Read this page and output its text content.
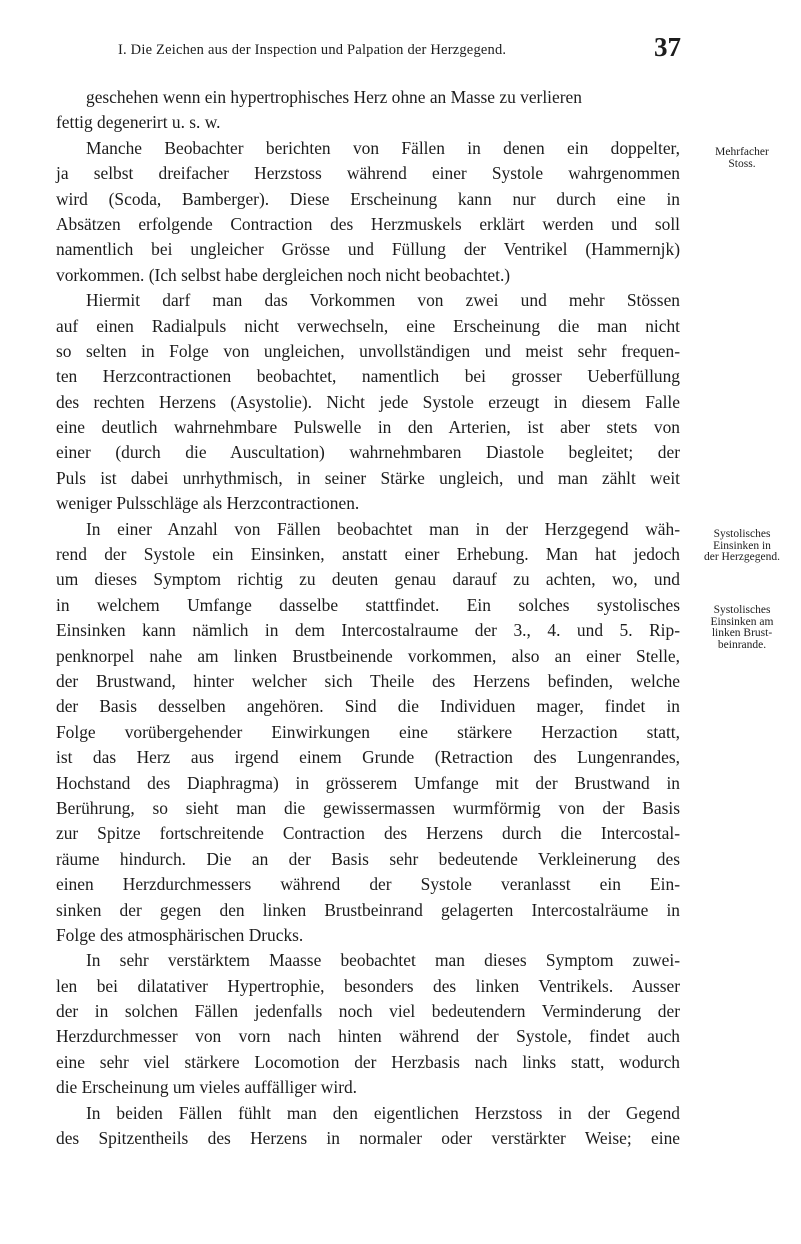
I. Die Zeichen aus der Inspection und Palpation der Herzgegend.	37
geschehen wenn ein hypertrophisches Herz ohne an Masse zu verlieren
fettig degenerirt u. s. w.
Manche Beobachter berichten von Fällen in denen ein doppelter,
ja selbst dreifacher Herzstoss während einer Systole wahrgenommen
wird (Scoda, Bamberger). Diese Erscheinung kann nur durch eine in
Absätzen erfolgende Contraction des Herzmuskels erklärt werden und soll
namentlich bei ungleicher Grösse und Füllung der Ventrikel (Hammernjk)
vorkommen. (Ich selbst habe dergleichen noch nicht beobachtet.)
Hiermit darf man das Vorkommen von zwei und mehr Stössen
auf einen Radialpuls nicht verwechseln, eine Erscheinung die man nicht
so selten in Folge von ungleichen, unvollständigen und meist sehr frequen-
ten Herzcontractionen beobachtet, namentlich bei grosser Ueberfüllung
des rechten Herzens (Asystolie). Nicht jede Systole erzeugt in diesem Falle
eine deutlich wahrnehmbare Pulswelle in den Arterien, ist aber stets von
einer (durch die Auscultation) wahrnehmbaren Diastole begleitet; der
Puls ist dabei unrhythmisch, in seiner Stärke ungleich, und man zählt weit
weniger Pulsschläge als Herzcontractionen.
In einer Anzahl von Fällen beobachtet man in der Herzgegend wäh-
rend der Systole ein Einsinken, anstatt einer Erhebung. Man hat jedoch
um dieses Symptom richtig zu deuten genau darauf zu achten, wo, und
in welchem Umfange dasselbe stattfindet. Ein solches systolisches
Einsinken kann nämlich in dem Intercostalraume der 3., 4. und 5. Rip-
penknorpel nahe am linken Brustbeinende vorkommen, also an einer Stelle,
der Brustwand, hinter welcher sich Theile des Herzens befinden, welche
der Basis desselben angehören. Sind die Individuen mager, findet in
Folge vorübergehender Einwirkungen eine stärkere Herzaction statt,
ist das Herz aus irgend einem Grunde (Retraction des Lungenrandes,
Hochstand des Diaphragma) in grösserem Umfange mit der Brustwand in
Berührung, so sieht man die gewissermassen wurmförmig von der Basis
zur Spitze fortschreitende Contraction des Herzens durch die Intercostal-
räume hindurch. Die an der Basis sehr bedeutende Verkleinerung des
einen Herzdurchmessers während der Systole veranlasst ein Ein-
sinken der gegen den linken Brustbeinrand gelagerten Intercostalräume in
Folge des atmosphärischen Drucks.
In sehr verstärktem Maasse beobachtet man dieses Symptom zuwei-
len bei dilatativer Hypertrophie, besonders des linken Ventrikels. Ausser
der in solchen Fällen jedenfalls noch viel bedeutendern Verminderung der
Herzdurchmesser von vorn nach hinten während der Systole, findet auch
eine sehr viel stärkere Locomotion der Herzbasis nach links statt, wodurch
die Erscheinung um vieles auffälliger wird.
In beiden Fällen fühlt man den eigentlichen Herzstoss in der Gegend
des Spitzentheils des Herzens in normaler oder verstärkter Weise; eine
Mehrfacher
Stoss.
Systolisches
Einsinken in
der Herzgegend.
Systolisches
Einsinken am
linken Brust-
beinrande.
